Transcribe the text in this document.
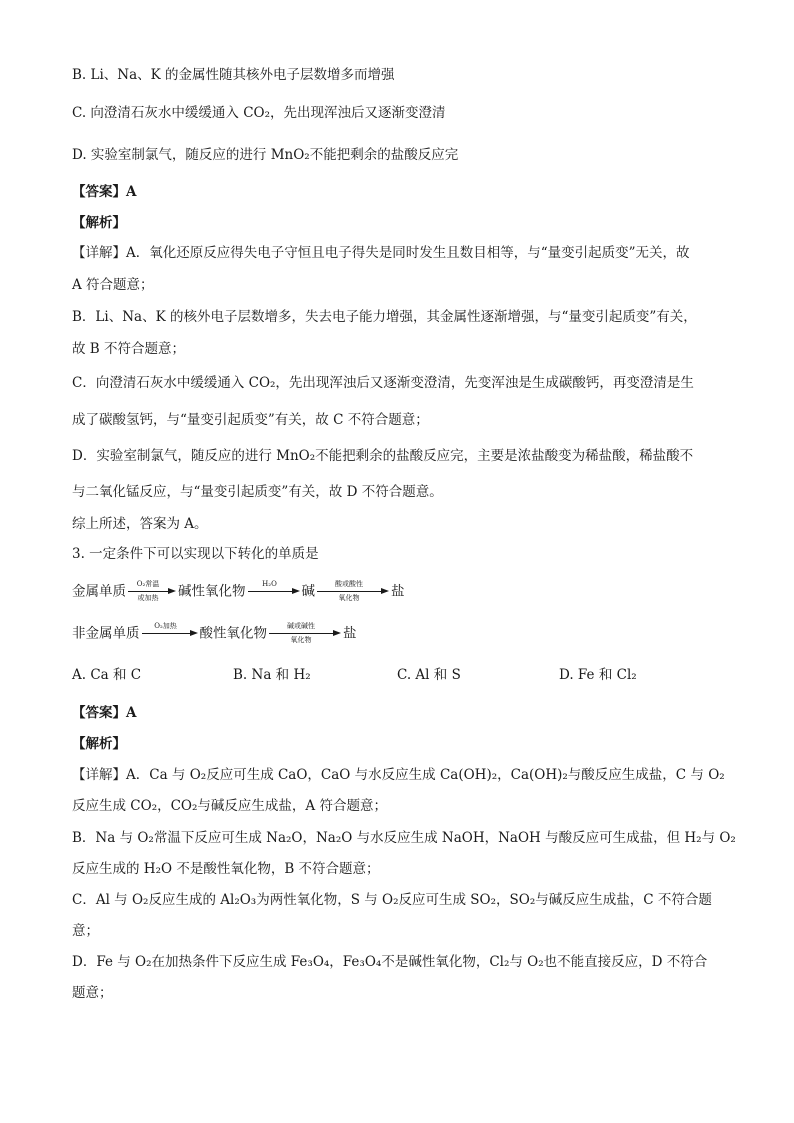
B. Li、Na、K 的金属性随其核外电子层数增多而增强
C. 向澄清石灰水中缓缓通入 CO₂，先出现浑浊后又逐渐变澄清
D. 实验室制氯气，随反应的进行 MnO₂不能把剩余的盐酸反应完
【答案】A
【解析】
【详解】A．氧化还原反应得失电子守恒且电子得失是同时发生且数目相等，与“量变引起质变”无关，故
A 符合题意；
B．Li、Na、K 的核外电子层数增多，失去电子能力增强，其金属性逐渐增强，与“量变引起质变”有关，
故 B 不符合题意；
C．向澄清石灰水中缓缓通入 CO₂，先出现浑浊后又逐渐变澄清，先变浑浊是生成碳酸钙，再变澄清是生
成了碳酸氢钙，与“量变引起质变”有关，故 C 不符合题意；
D．实验室制氯气，随反应的进行 MnO₂不能把剩余的盐酸反应完，主要是浓盐酸变为稀盐酸，稀盐酸不
与二氧化锰反应，与“量变引起质变”有关，故 D 不符合题意。
综上所述，答案为 A。
3. 一定条件下可以实现以下转化的单质是
金属单质	O₂常温
或加热	碱性氧化物	H₂O	碱	酸或酸性
氧化物	盐
非金属单质	O₂加热	酸性氧化物	碱或碱性
氧化物	盐
A. Ca 和 C	B. Na 和 H₂	C. Al 和 S	D. Fe 和 Cl₂
【答案】A
【解析】
【详解】A．Ca 与 O₂反应可生成 CaO，CaO 与水反应生成 Ca(OH)₂，Ca(OH)₂与酸反应生成盐，C 与 O₂
反应生成 CO₂，CO₂与碱反应生成盐，A 符合题意；
B．Na 与 O₂常温下反应可生成 Na₂O，Na₂O 与水反应生成 NaOH，NaOH 与酸反应可生成盐，但 H₂与 O₂
反应生成的 H₂O 不是酸性氧化物，B 不符合题意；
C．Al 与 O₂反应生成的 Al₂O₃为两性氧化物，S 与 O₂反应可生成 SO₂，SO₂与碱反应生成盐，C 不符合题
意；
D．Fe 与 O₂在加热条件下反应生成 Fe₃O₄，Fe₃O₄不是碱性氧化物，Cl₂与 O₂也不能直接反应，D 不符合
题意；
